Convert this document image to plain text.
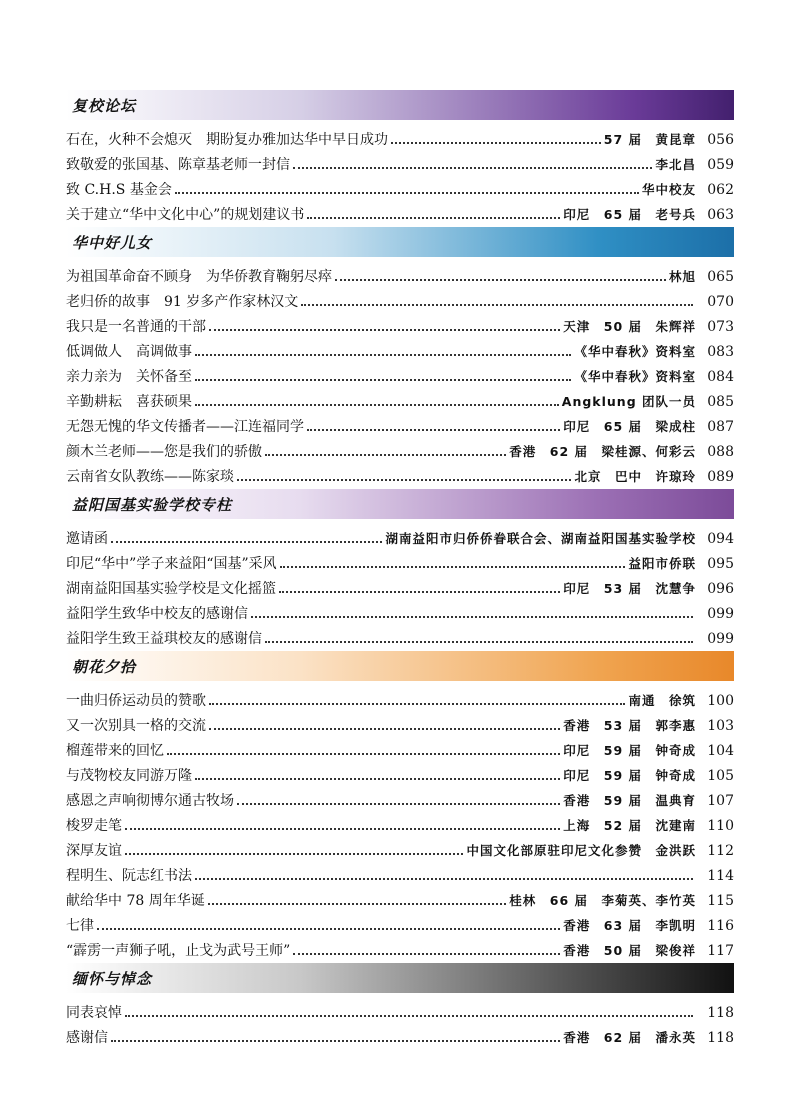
复校论坛
石在，火种不会熄灭　期盼复办雅加达华中早日成功	57 届　黄昆章 056
致敬爱的张国基、陈章基老师一封信	李北昌 059
致 C.H.S 基金会	华中校友 062
关于建立“华中文化中心”的规划建议书	印尼　65 届　老号兵 063
华中好儿女
为祖国革命奋不顾身　为华侨教育鞠躬尽瘁	林旭 065
老归侨的故事　91 岁多产作家林汉文	070
我只是一名普通的干部	天津　50 届　朱辉祥 073
低调做人　高调做事	《华中春秋》资料室 083
亲力亲为　关怀备至	《华中春秋》资料室 084
辛勤耕耘　喜获硕果	Angklung 团队一员 085
无怨无愧的华文传播者——江连福同学	印尼　65 届　梁成柱 087
颜木兰老师——您是我们的骄傲	香港　62 届　梁桂源、何彩云 088
云南省女队教练——陈家琰	北京　巴中　许琼玲 089
益阳国基实验学校专柱
邀请函	湖南益阳市归侨侨眷联合会、湖南益阳国基实验学校 094
印尼“华中”学子来益阳“国基”采风	益阳市侨联 095
湖南益阳国基实验学校是文化摇篮	印尼　53 届　沈慧争 096
益阳学生致华中校友的感谢信	099
益阳学生致王益琪校友的感谢信	099
朝花夕拾
一曲归侨运动员的赞歌	南通　徐筑 100
又一次别具一格的交流	香港　53 届　郭李惠 103
榴莲带来的回忆	印尼　59 届　钟奇成 104
与茂物校友同游万隆	印尼　59 届　钟奇成 105
感恩之声响彻博尔通古牧场	香港　59 届　温典育 107
梭罗走笔	上海　52 届　沈建南 110
深厚友谊	中国文化部原驻印尼文化参赞　金洪跃 112
程明生、阮志红书法	114
献给华中 78 周年华诞	桂林　66 届　李菊英、李竹英 115
七律	香港　63 届　李凯明 116
“霹雳一声狮子吼，止戈为武号王师”	香港　50 届　梁俊祥 117
缅怀与悼念
同表哀悼	118
感谢信	香港　62 届　潘永英 118
